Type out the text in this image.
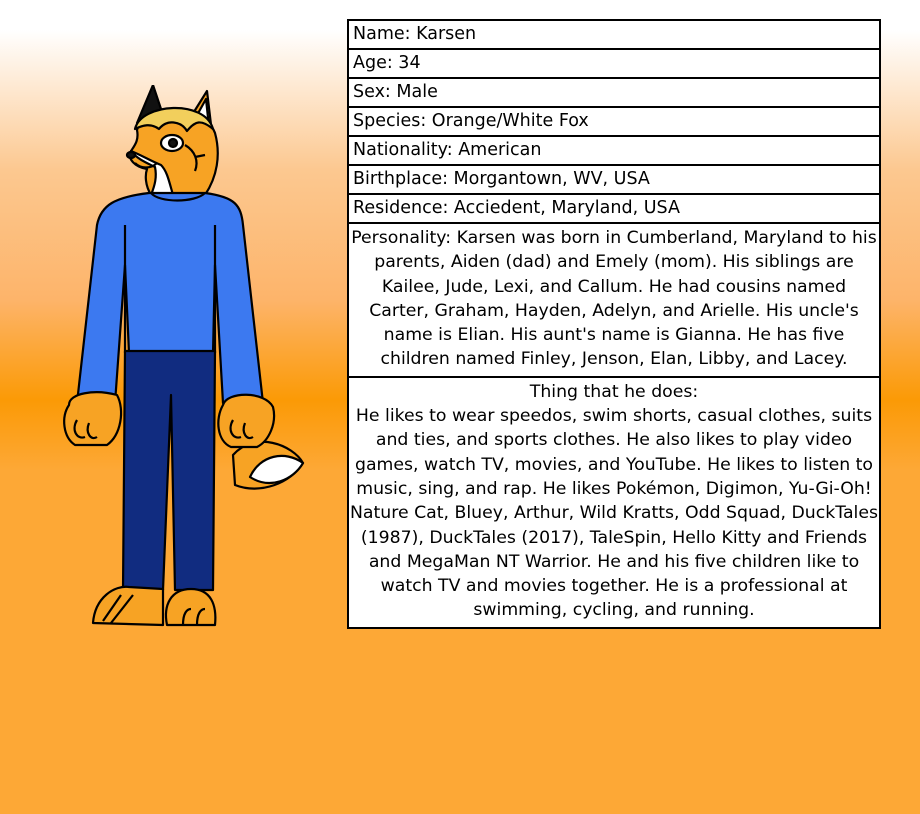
Name: Karsen
Age: 34
Sex: Male
Species: Orange/White Fox
Nationality: American
Birthplace: Morgantown, WV, USA
Residence: Acciedent, Maryland, USA

Personality: Karsen was born in Cumberland, Maryland to his parents, Aiden (dad) and Emely (mom). His siblings are Kailee, Jude, Lexi, and Callum. He had cousins named Carter, Graham, Hayden, Adelyn, and Arielle. His uncle's name is Elian. His aunt's name is Gianna. He has five children named Finley, Jenson, Elan, Libby, and Lacey.

Thing that he does:

He likes to wear speedos, swim shorts, casual clothes, suits and ties, and sports clothes. He also likes to play video games, watch TV, movies, and YouTube. He likes to listen to music, sing, and rap. He likes Pokémon, Digimon, Yu-Gi-Oh! Nature Cat, Bluey, Arthur, Wild Kratts, Odd Squad, DuckTales (1987), DuckTales (2017), TaleSpin, Hello Kitty and Friends and MegaMan NT Warrior. He and his five children like to watch TV and movies together. He is a professional at swimming, cycling, and running.
